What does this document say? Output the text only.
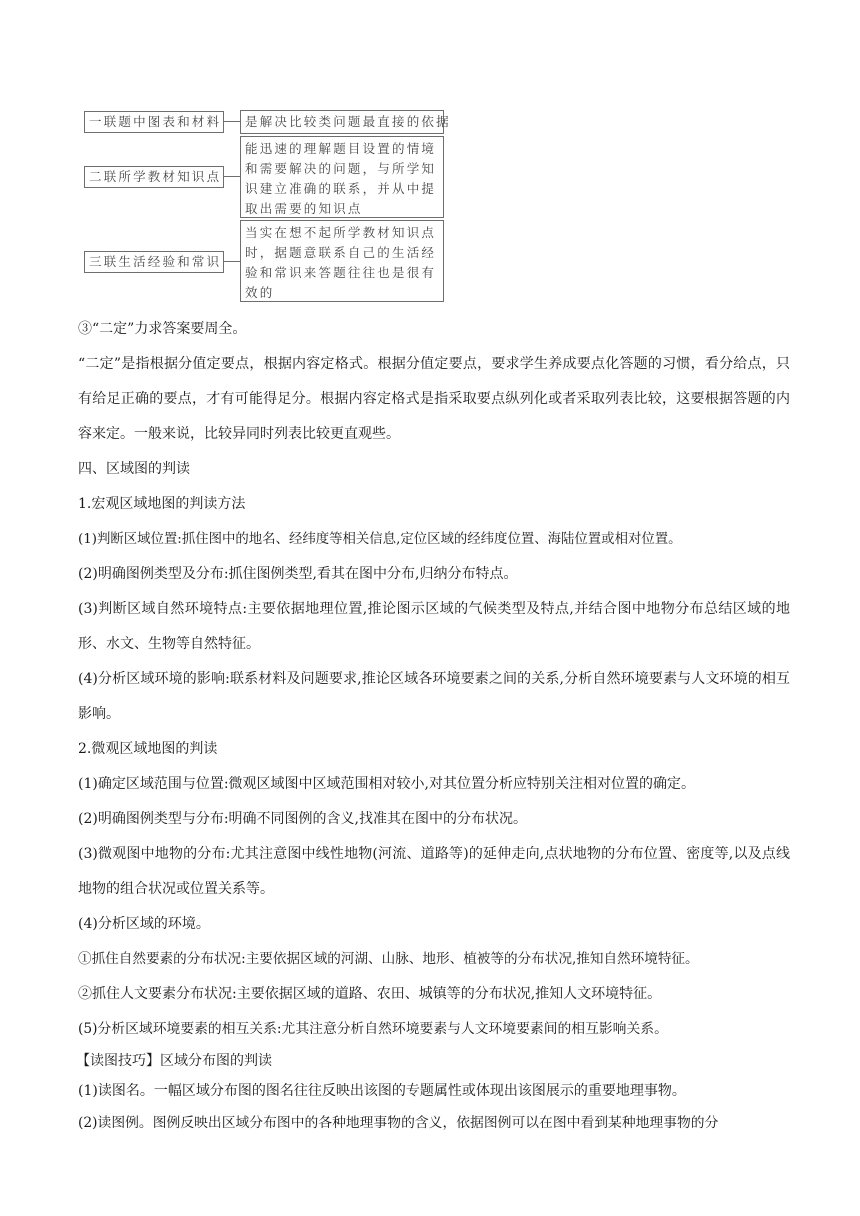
一联题中图表和材料 是解决比较类问题最直接的依据
二联所学教材知识点
能迅速的理解题目设置的情境
和需要解决的问题，与所学知
识建立准确的联系，并从中提
取出需要的知识点
三联生活经验和常识
当实在想不起所学教材知识点
时，据题意联系自己的生活经
验和常识来答题往往也是很有
效的
③“二定”力求答案要周全。
“二定”是指根据分值定要点，根据内容定格式。根据分值定要点，要求学生养成要点化答题的习惯，看分给点，只有给足正确的要点，才有可能得足分。根据内容定格式是指采取要点纵列化或者采取列表比较，这要根据答题的内容来定。一般来说，比较异同时列表比较更直观些。
四、区域图的判读
1.宏观区域地图的判读方法
(1)判断区域位置:抓住图中的地名、经纬度等相关信息,定位区域的经纬度位置、海陆位置或相对位置。
(2)明确图例类型及分布:抓住图例类型,看其在图中分布,归纳分布特点。
(3)判断区域自然环境特点:主要依据地理位置,推论图示区域的气候类型及特点,并结合图中地物分布总结区域的地形、水文、生物等自然特征。
(4)分析区域环境的影响:联系材料及问题要求,推论区域各环境要素之间的关系,分析自然环境要素与人文环境的相互影响。
2.微观区域地图的判读
(1)确定区域范围与位置:微观区域图中区域范围相对较小,对其位置分析应特别关注相对位置的确定。
(2)明确图例类型与分布:明确不同图例的含义,找准其在图中的分布状况。
(3)微观图中地物的分布:尤其注意图中线性地物(河流、道路等)的延伸走向,点状地物的分布位置、密度等,以及点线地物的组合状况或位置关系等。
(4)分析区域的环境。
①抓住自然要素的分布状况:主要依据区域的河湖、山脉、地形、植被等的分布状况,推知自然环境特征。
②抓住人文要素分布状况:主要依据区域的道路、农田、城镇等的分布状况,推知人文环境特征。
(5)分析区域环境要素的相互关系:尤其注意分析自然环境要素与人文环境要素间的相互影响关系。
【读图技巧】区域分布图的判读
(1)读图名。一幅区域分布图的图名往往反映出该图的专题属性或体现出该图展示的重要地理事物。
(2)读图例。图例反映出区域分布图中的各种地理事物的含义，依据图例可以在图中看到某种地理事物的分
